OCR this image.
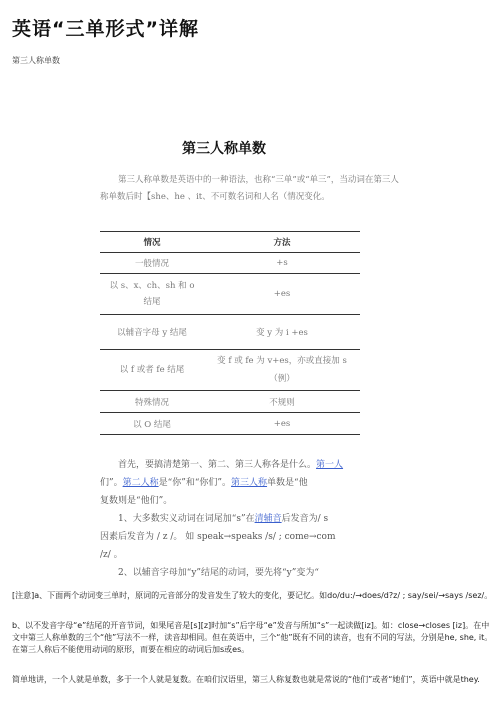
英语“三单形式”详解
第三人称单数
第三人称单数

第三人称单数是英语中的一种语法，也称“三单”或“单三”，当动词在第三人称单数后时【she、he 、it、不可数名词和人名（情况变化。

情况	方法
一般情况	+s
以 s、x、ch、sh 和 o 结尾	+es
以辅音字母 y 结尾	变 y 为 i +es
以 f 或者 fe 结尾	变 f 或 fe 为 v+es，亦或直接加 s（例）
特殊情况	不规则
以 O 结尾	+es

　　首先，要搞清楚第一、第二、第三人称各是什么。第一人

们”。第二人称是“你”和“你们”。第三人称单数是“他

复数则是“他们”。

　　1、大多数实义动词在词尾加“s”在清辅音后发音为/ s

因素后发音为 / z /。 如 speak→speaks /s/ ; come→com

/z/ 。

　　2、以辅音字母加“y”结尾的动词，要先将“y”变为“

[注意]a、下面两个动词变三单时，原词的元音部分的发音发生了较大的变化，要记忆。如do/du:/→does/d?z/ ; say/sei/→says /sez/。

b、以不发音字母“e”结尾的开音节词，如果尾音是[s][z]时加“s”后字母“e”发音与所加“s”一起读做[iz]。如：close→closes [iz]。在中文中第三人称单数的三个“他”写法不一样，读音却相同。但在英语中，三个“他”既有不同的读音，也有不同的写法，分别是he, she, it。在第三人称后不能使用动词的原形，而要在相应的动词后加s或es。

简单地讲，一个人就是单数，多于一个人就是复数。在咱们汉语里，第三人称复数也就是常说的“他们”或者“她们”，英语中就是they.
